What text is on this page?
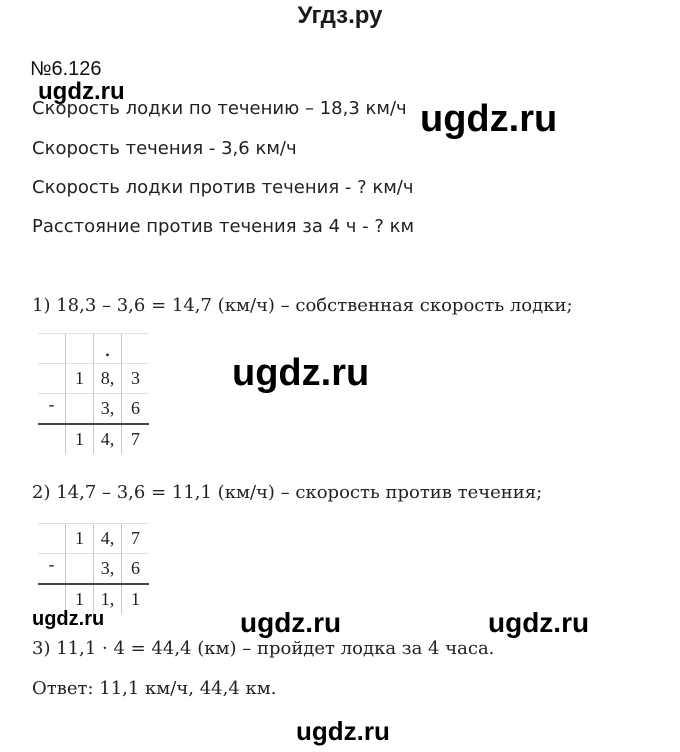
Угдз.ру
№6.126
ugdz.ru
Скорость лодки по течению – 18,3 км/ч ugdz.ru
Скорость течения - 3,6 км/ч
Скорость лодки против течения - ? км/ч
Расстояние против течения за 4 ч - ? км
1) 18,3 – 3,6 = 14,7 (км/ч) – собственная скорость лодки;
		•	
	1	8,	3
-		3,	6
	1	4,	7
ugdz.ru
2) 14,7 – 3,6 = 11,1 (км/ч) – скорость против течения;
	1	4,	7
-		3,	6
	1	1,	1
ugdz.ru	ugdz.ru	ugdz.ru
3) 11,1 · 4 = 44,4 (км) – пройдет лодка за 4 часа.
Ответ: 11,1 км/ч, 44,4 км.
ugdz.ru
